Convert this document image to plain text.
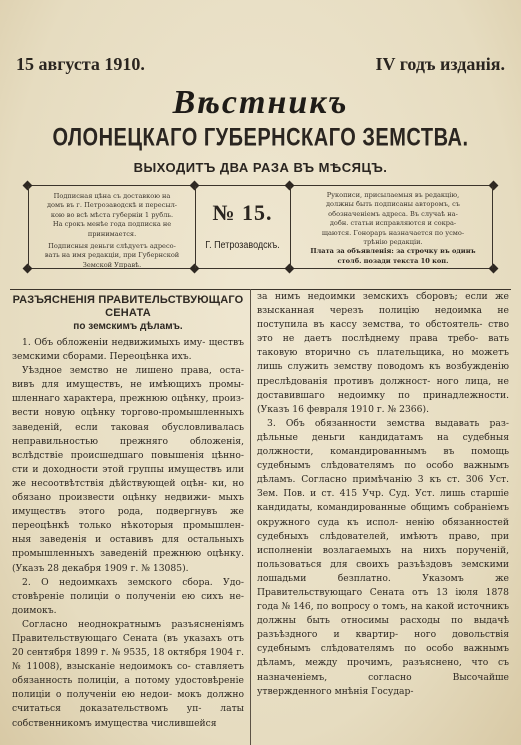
15 августа 1910.	IV годъ изданія.
Вѣстникъ
ОЛОНЕЦКАГО ГУБЕРНСКАГО ЗЕМСТВА.
ВЫХОДИТЪ ДВА РАЗА ВЪ МѢСЯЦЪ.

Подписная цѣна съ доставкою на

домъ въ г. Петрозаводскѣ и пересыл-

кою во всѣ мѣста губерніи 1 рубль.

На срокъ менѣе года подписка не

принимается.

Подписныя деньги слѣдуетъ адресо-

вать на имя редакціи, при Губернской

Земской Управѣ.

№ 15.
Г. Петрозаводскъ.

Рукописи, присылаемыя въ редакцію,

должны быть подписаны авторомъ, съ

обозначеніемъ адреса. Въ случаѣ на-

добн. статьи исправляются и сокра-

щаются. Гонораръ назначается по усмо-

трѣнію редакціи.

Плата за объявленія: за строчку въ одинъ столб. позади текста 10 коп.

РАЗЪЯСНЕНІЯ ПРАВИТЕЛЬСТВУЮЩАГО СЕНАТА
по земскимъ дѣламъ.

1. Объ обложеніи недвижимыхъ иму- ществъ земскими сборами. Переоцѣнка ихъ.

Уѣздное земство не лишено права, оста- вивъ для имуществъ, не имѣющихъ промы- шленнаго характера, прежнюю оцѣнку, произ- вести новую оцѣнку торгово-промышленныхъ заведеній, если таковая обусловливалась неправильностью прежняго обложенія, вслѣдствіе происшедшаго повышенія цѣнно- сти и доходности этой группы имуществъ или же несоотвѣтствія дѣйствующей оцѣн- ки, но обязано произвести оцѣнку недвижи- мыхъ имуществъ этого рода, подвергнувъ же переоцѣнкѣ только нѣкоторыя промышлен- ныя заведенія и оставивъ для остальныхъ промышленныхъ заведеній прежнюю оцѣнку. (Указъ 28 декабря 1909 г. № 13085).

2. О недоимкахъ земского сбора. Удо- стовѣреніе полиціи о полученіи ею сихъ не- доимокъ.

Согласно неоднократнымъ разъясненіямъ Правительствующаго Сената (въ указахъ отъ 20 сентября 1899 г. № 9535, 18 октября 1904 г. № 11008), взысканіе недоимокъ со- ставляетъ обязанность полиціи, а потому удостовѣреніе полиціи о полученіи ею недои- мокъ должно считаться доказательствомъ уп- латы собственникомъ имущества числившейся

за нимъ недоимки земскихъ сборовъ; если же взысканная черезъ полицію недоимка не поступила въ кассу земства, то обстоятель- ство это не даетъ послѣднему права требо- вать таковую вторично съ плательщика, но можетъ лишь служить земству поводомъ къ возбужденію преслѣдованія противъ должност- ного лица, не доставившаго недоимку по принадлежности. (Указъ 16 февраля 1910 г. № 2366).

3. Объ обязанности земства выдавать раз- дѣльные деньги кандидатамъ на судебныя должности, командированнымъ въ помощь судебнымъ слѣдователямъ по особо важнымъ дѣламъ. Согласно примѣчанію 3 къ ст. 306 Уст. Зем. Пов. и ст. 415 Учр. Суд. Уст. лишь старшіе кандидаты, командированные общимъ собраніемъ окружного суда къ испол- ненію обязанностей судебныхъ слѣдователей, имѣютъ право, при исполненіи возлагаемыхъ на нихъ порученій, пользоваться для своихъ разъѣздовъ земскими лошадьми безплатно. Указомъ же Правительствующаго Сената отъ 13 іюля 1878 года № 146, по вопросу о томъ, на какой источникъ должны быть относимы расходы по выдачѣ разъѣздного и квартир- ного довольствія судебнымъ слѣдователямъ по особо важнымъ дѣламъ, между прочимъ, разъяснено, что съ назначеніемъ, согласно Высочайше утвержденного мнѣнія Государ-
